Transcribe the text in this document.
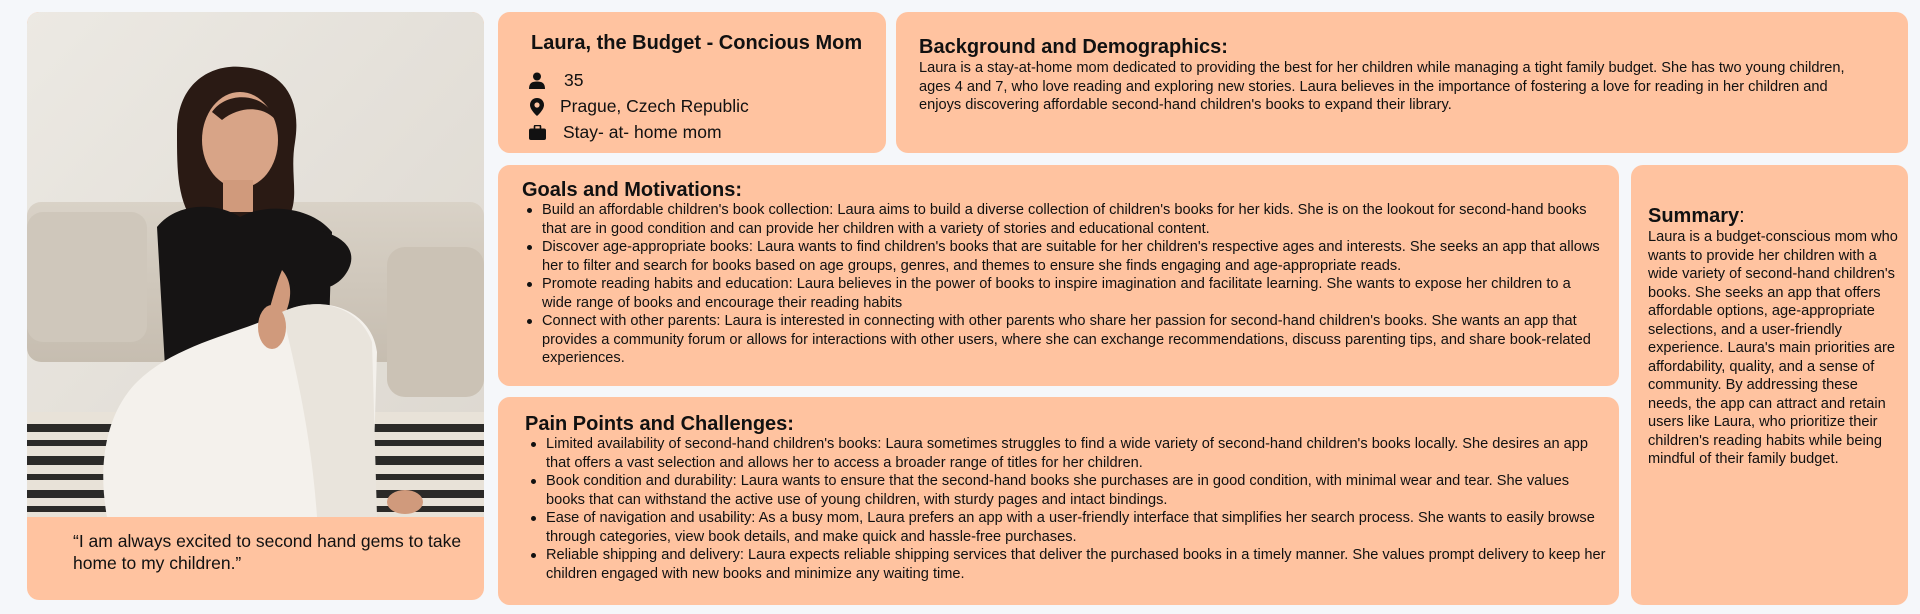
“I am always excited to second hand gems to take home to my children.”
Laura, the Budget - Concious Mom
35
Prague, Czech Republic
Stay- at- home mom
Background and Demographics:
Laura is a stay-at-home mom dedicated to providing the best for her children while managing a tight family budget. She has two young children, ages 4 and 7, who love reading and exploring new stories. Laura believes in the importance of fostering a love for reading in her children and enjoys discovering affordable second-hand children's books to expand their library.
Goals and Motivations:
Build an affordable children's book collection: Laura aims to build a diverse collection of children's books for her kids. She is on the lookout for second-hand books that are in good condition and can provide her children with a variety of stories and educational content.
Discover age-appropriate books: Laura wants to find children's books that are suitable for her children's respective ages and interests. She seeks an app that allows her to filter and search for books based on age groups, genres, and themes to ensure she finds engaging and age-appropriate reads.
Promote reading habits and education: Laura believes in the power of books to inspire imagination and facilitate learning. She wants to expose her children to a wide range of books and encourage their reading habits
Connect with other parents: Laura is interested in connecting with other parents who share her passion for second-hand children's books. She wants an app that provides a community forum or allows for interactions with other users, where she can exchange recommendations, discuss parenting tips, and share book-related experiences.
Pain Points and Challenges:
Limited availability of second-hand children's books: Laura sometimes struggles to find a wide variety of second-hand children's books locally. She desires an app that offers a vast selection and allows her to access a broader range of titles for her children.
Book condition and durability: Laura wants to ensure that the second-hand books she purchases are in good condition, with minimal wear and tear. She values books that can withstand the active use of young children, with sturdy pages and intact bindings.
Ease of navigation and usability: As a busy mom, Laura prefers an app with a user-friendly interface that simplifies her search process. She wants to easily browse through categories, view book details, and make quick and hassle-free purchases.
Reliable shipping and delivery: Laura expects reliable shipping services that deliver the purchased books in a timely manner. She values prompt delivery to keep her children engaged with new books and minimize any waiting time.
Summary:
Laura is a budget-conscious mom who wants to provide her children with a wide variety of second-hand children's books. She seeks an app that offers affordable options, age-appropriate selections, and a user-friendly experience. Laura's main priorities are affordability, quality, and a sense of community. By addressing these needs, the app can attract and retain users like Laura, who prioritize their children's reading habits while being mindful of their family budget.
